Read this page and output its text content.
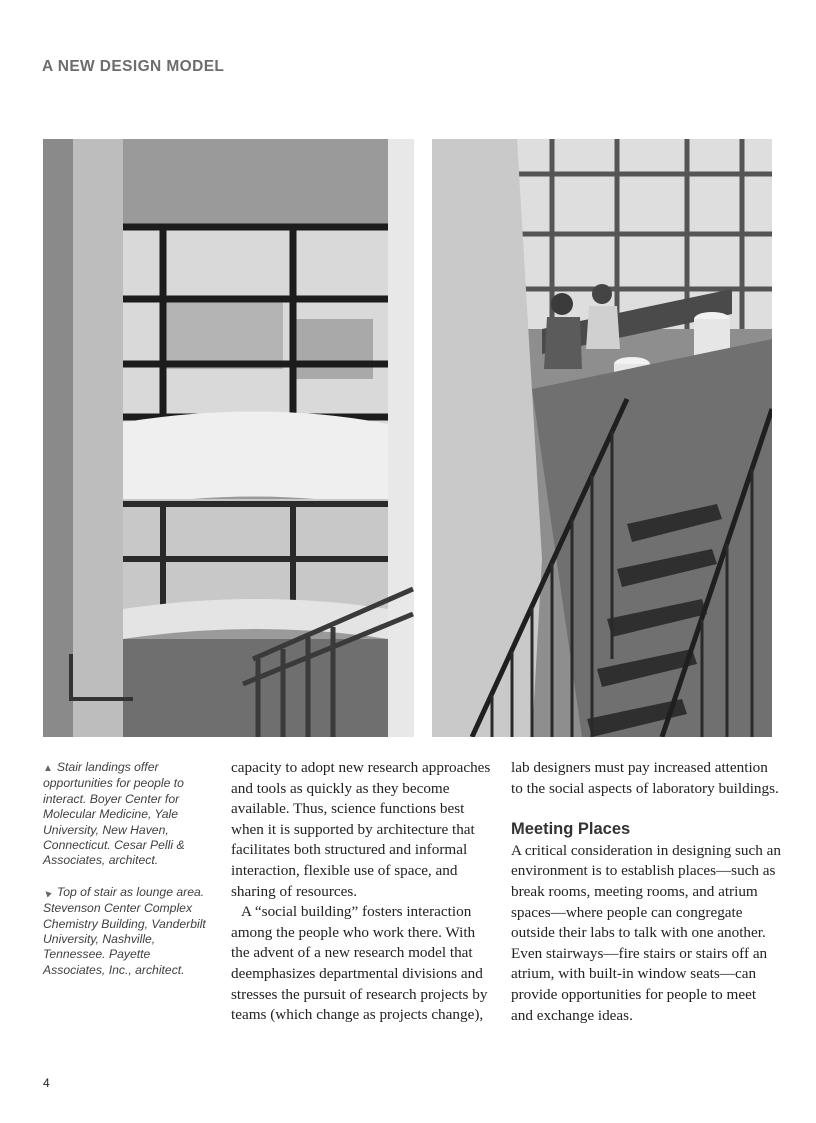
A NEW DESIGN MODEL

▲ Stair landings offer opportunities for people to interact. Boyer Center for Molecular Medicine, Yale University, New Haven, Connecticut. Cesar Pelli & Associates, architect.

▲ Top of stair as lounge area. Stevenson Center Complex Chemistry Building, Vanderbilt University, Nashville, Tennessee. Payette Associates, Inc., architect.

capacity to adopt new research approaches and tools as quickly as they become available. Thus, science functions best when it is supported by architecture that facilitates both structured and informal interaction, flexible use of space, and sharing of resources.

A “social building” fosters interaction among the people who work there. With the advent of a new research model that deemphasizes departmental divisions and stresses the pursuit of research projects by teams (which change as projects change),

lab designers must pay increased attention to the social aspects of laboratory buildings.

Meeting Places

A critical consideration in designing such an environment is to establish places—such as break rooms, meeting rooms, and atrium spaces—where people can congregate outside their labs to talk with one another. Even stairways—fire stairs or stairs off an atrium, with built-in window seats—can provide opportunities for people to meet and exchange ideas.

4
